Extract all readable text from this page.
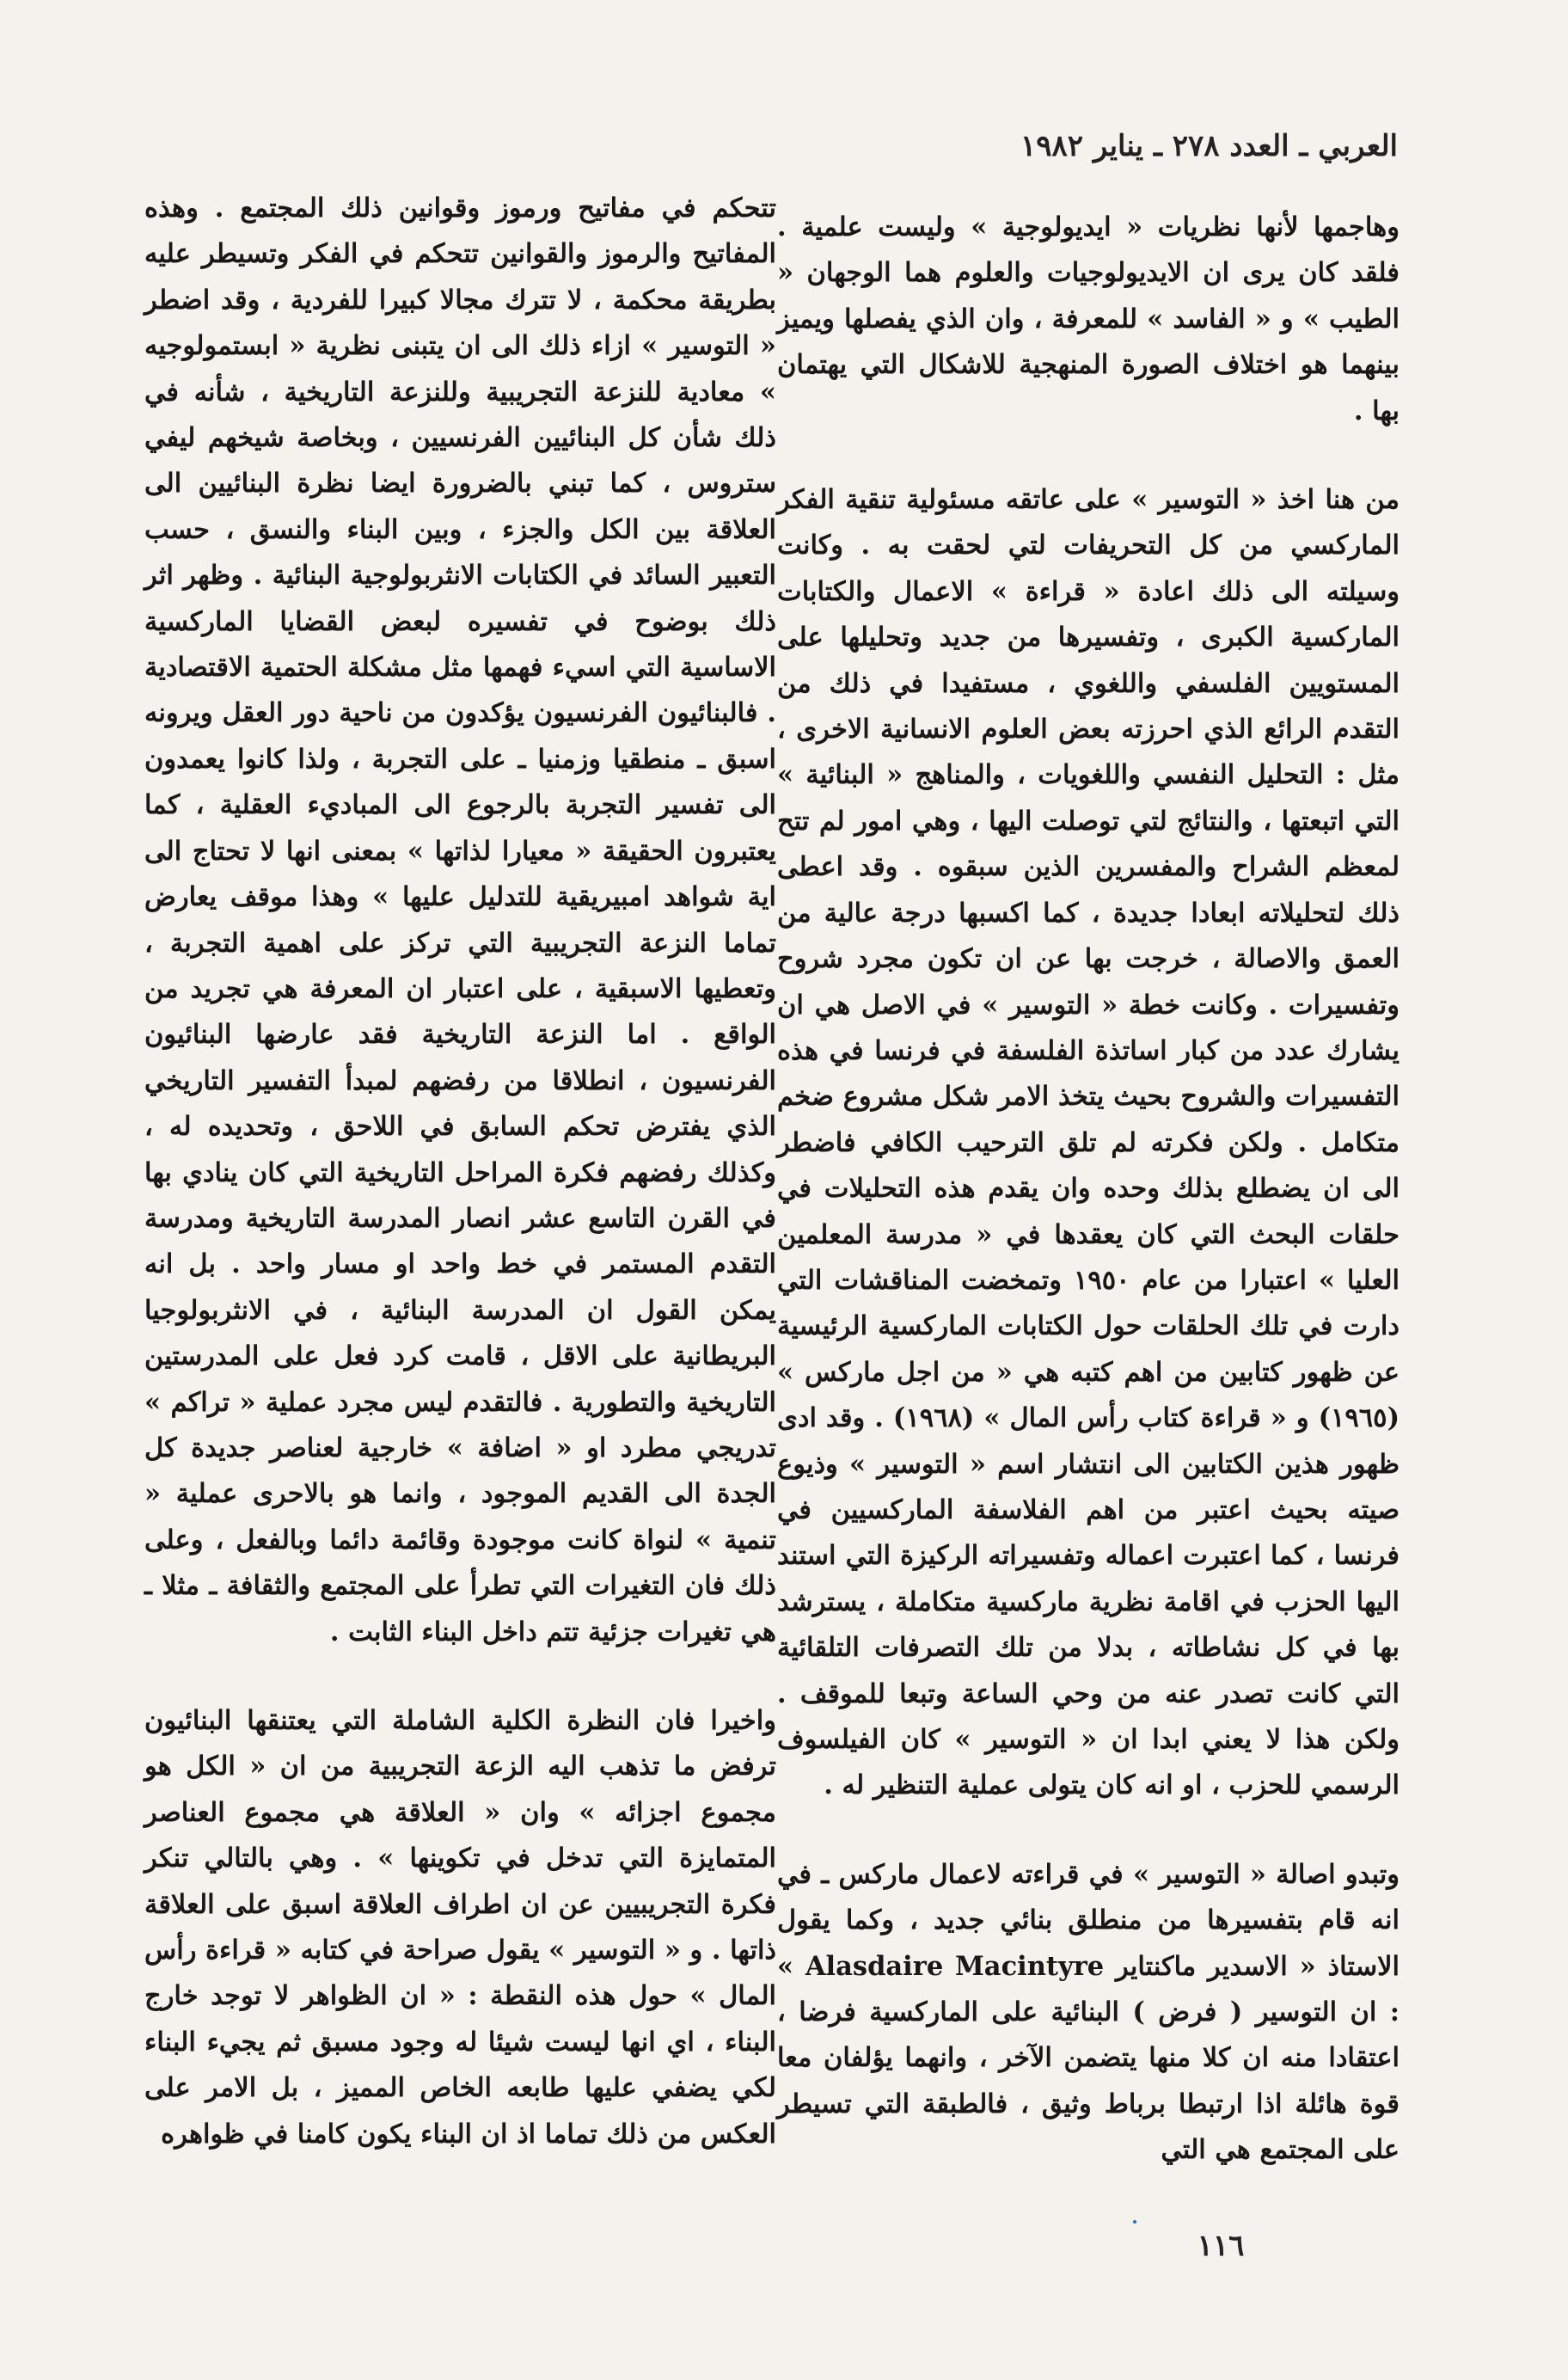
العربي ـ العدد ٢٧٨ ـ يناير ١٩٨٢

وهاجمها لأنها نظريات « ايديولوجية » وليست علمية . فلقد كان يرى ان الايديولوجيات والعلوم هما الوجهان « الطيب » و « الفاسد » للمعرفة ، وان الذي يفصلها ويميز بينهما هو اختلاف الصورة المنهجية للاشكال التي يهتمان بها .

من هنا اخذ « التوسير » على عاتقه مسئولية تنقية الفكر الماركسي من كل التحريفات لتي لحقت به . وكانت وسيلته الى ذلك اعادة « قراءة » الاعمال والكتابات الماركسية الكبرى ، وتفسيرها من جديد وتحليلها على المستويين الفلسفي واللغوي ، مستفيدا في ذلك من التقدم الرائع الذي احرزته بعض العلوم الانسانية الاخرى ، مثل : التحليل النفسي واللغويات ، والمناهج « البنائية » التي اتبعتها ، والنتائج لتي توصلت اليها ، وهي امور لم تتح لمعظم الشراح والمفسرين الذين سبقوه . وقد اعطى ذلك لتحليلاته ابعادا جديدة ، كما اكسبها درجة عالية من العمق والاصالة ، خرجت بها عن ان تكون مجرد شروح وتفسيرات . وكانت خطة « التوسير » في الاصل هي ان يشارك عدد من كبار اساتذة الفلسفة في فرنسا في هذه التفسيرات والشروح بحيث يتخذ الامر شكل مشروع ضخم متكامل . ولكن فكرته لم تلق الترحيب الكافي فاضطر الى ان يضطلع بذلك وحده وان يقدم هذه التحليلات في حلقات البحث التي كان يعقدها في « مدرسة المعلمين العليا » اعتبارا من عام ١٩٥٠ وتمخضت المناقشات التي دارت في تلك الحلقات حول الكتابات الماركسية الرئيسية عن ظهور كتابين من اهم كتبه هي « من اجل ماركس » (١٩٦٥) و « قراءة كتاب رأس المال » (١٩٦٨) . وقد ادى ظهور هذين الكتابين الى انتشار اسم « التوسير » وذيوع صيته بحيث اعتبر من اهم الفلاسفة الماركسيين في فرنسا ، كما اعتبرت اعماله وتفسيراته الركيزة التي استند اليها الحزب في اقامة نظرية ماركسية متكاملة ، يسترشد بها في كل نشاطاته ، بدلا من تلك التصرفات التلقائية التي كانت تصدر عنه من وحي الساعة وتبعا للموقف . ولكن هذا لا يعني ابدا ان « التوسير » كان الفيلسوف الرسمي للحزب ، او انه كان يتولى عملية التنظير له .

وتبدو اصالة « التوسير » في قراءته لاعمال ماركس ـ في انه قام بتفسيرها من منطلق بنائي جديد ، وكما يقول الاستاذ « الاسدير ماكنتاير Alasdaire Macintyre » : ان التوسير ( فرض ) البنائية على الماركسية فرضا ، اعتقادا منه ان كلا منها يتضمن الآخر ، وانهما يؤلفان معا قوة هائلة اذا ارتبطا برباط وثيق ، فالطبقة التي تسيطر على المجتمع هي التي

تتحكم في مفاتيح ورموز وقوانين ذلك المجتمع . وهذه المفاتيح والرموز والقوانين تتحكم في الفكر وتسيطر عليه بطريقة محكمة ، لا تترك مجالا كبيرا للفردية ، وقد اضطر « التوسير » ازاء ذلك الى ان يتبنى نظرية « ابستمولوجيه » معادية للنزعة التجريبية وللنزعة التاريخية ، شأنه في ذلك شأن كل البنائيين الفرنسيين ، وبخاصة شيخهم ليفي ستروس ، كما تبني بالضرورة ايضا نظرة البنائيين الى العلاقة بين الكل والجزء ، وبين البناء والنسق ، حسب التعبير السائد في الكتابات الانثربولوجية البنائية . وظهر اثر ذلك بوضوح في تفسيره لبعض القضايا الماركسية الاساسية التي اسيء فهمها مثل مشكلة الحتمية الاقتصادية . فالبنائيون الفرنسيون يؤكدون من ناحية دور العقل ويرونه اسبق ـ منطقيا وزمنيا ـ على التجربة ، ولذا كانوا يعمدون الى تفسير التجربة بالرجوع الى المباديء العقلية ، كما يعتبرون الحقيقة « معيارا لذاتها » بمعنى انها لا تحتاج الى اية شواهد امبيريقية للتدليل عليها » وهذا موقف يعارض تماما النزعة التجريبية التي تركز على اهمية التجربة ، وتعطيها الاسبقية ، على اعتبار ان المعرفة هي تجريد من الواقع . اما النزعة التاريخية فقد عارضها البنائيون الفرنسيون ، انطلاقا من رفضهم لمبدأ التفسير التاريخي الذي يفترض تحكم السابق في اللاحق ، وتحديده له ، وكذلك رفضهم فكرة المراحل التاريخية التي كان ينادي بها في القرن التاسع عشر انصار المدرسة التاريخية ومدرسة التقدم المستمر في خط واحد او مسار واحد . بل انه يمكن القول ان المدرسة البنائية ، في الانثربولوجيا البريطانية على الاقل ، قامت كرد فعل على المدرستين التاريخية والتطورية . فالتقدم ليس مجرد عملية « تراكم » تدريجي مطرد او « اضافة » خارجية لعناصر جديدة كل الجدة الى القديم الموجود ، وانما هو بالاحرى عملية « تنمية » لنواة كانت موجودة وقائمة دائما وبالفعل ، وعلى ذلك فان التغيرات التي تطرأ على المجتمع والثقافة ـ مثلا ـ هي تغيرات جزئية تتم داخل البناء الثابت .

واخيرا فان النظرة الكلية الشاملة التي يعتنقها البنائيون ترفض ما تذهب اليه الزعة التجريبية من ان « الكل هو مجموع اجزائه » وان « العلاقة هي مجموع العناصر المتمايزة التي تدخل في تكوينها » . وهي بالتالي تنكر فكرة التجريبيين عن ان اطراف العلاقة اسبق على العلاقة ذاتها . و « التوسير » يقول صراحة في كتابه « قراءة رأس المال » حول هذه النقطة : « ان الظواهر لا توجد خارج البناء ، اي انها ليست شيئا له وجود مسبق ثم يجيء البناء لكي يضفي عليها طابعه الخاص المميز ، بل الامر على العكس من ذلك تماما اذ ان البناء يكون كامنا في ظواهره

١١٦
